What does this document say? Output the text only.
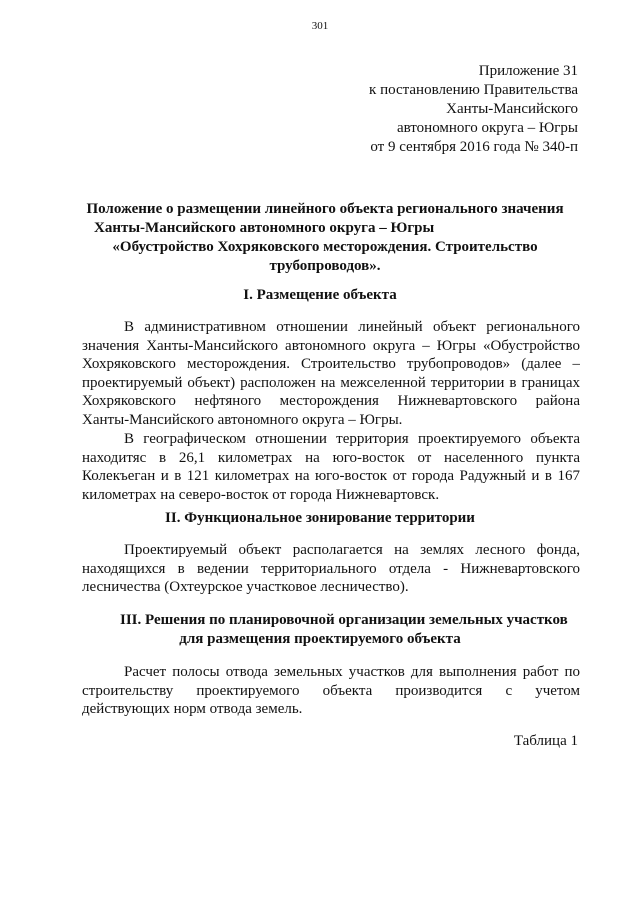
301
Приложение 31
к постановлению Правительства
Ханты-Мансийского
автономного округа – Югры
от 9 сентября 2016 года № 340-п
Положение о размещении линейного объекта регионального значения
Ханты-Мансийского автономного округа – Югры
«Обустройство Хохряковского месторождения. Строительство
трубопроводов».
I. Размещение объекта
В административном отношении линейный объект регионального
значения Ханты-Мансийского автономного округа – Югры «Обустройство
Хохряковского месторождения. Строительство трубопроводов» (далее –
проектируемый объект) расположен на межселенной территории в границах
Хохряковского нефтяного месторождения Нижневартовского района
Ханты-Мансийского автономного округа – Югры.
В географическом отношении территория проектируемого объекта
находитяс в 26,1 километрах на юго-восток от населенного пункта
Колекъеган и в 121 километрах на юго-восток от города Радужный и в 167
километрах на северо-восток от города Нижневартовск.
II. Функциональное зонирование территории
Проектируемый объект располагается на землях лесного фонда,
находящихся в ведении территориального отдела - Нижневартовского
лесничества (Охтеурское участковое лесничество).
III. Решения по планировочной организации земельных участков
для размещения проектируемого объекта
Расчет полосы отвода земельных участков для выполнения работ по
строительству проектируемого объекта производится с учетом
действующих норм отвода земель.
Таблица 1
